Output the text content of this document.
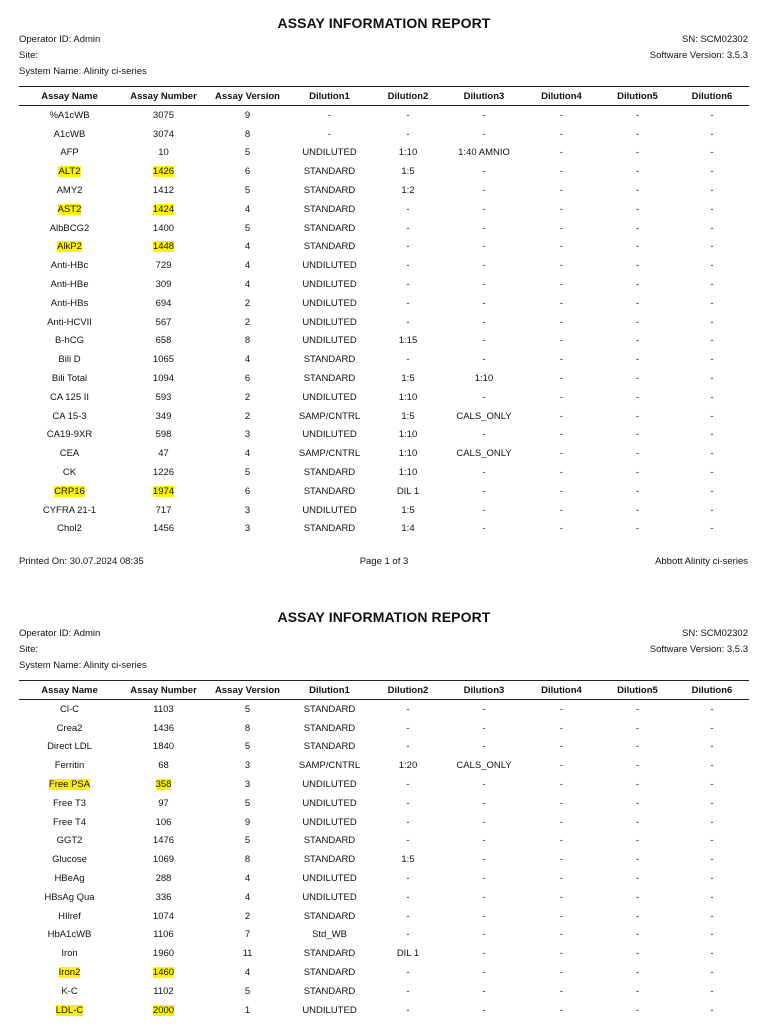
ASSAY INFORMATION REPORT
Operator ID: Admin
Site:
System Name: Alinity ci-series
SN: SCM02302
Software Version: 3.5.3
Assay Name	Assay Number	Assay Version	Dilution1	Dilution2	Dilution3	Dilution4	Dilution5	Dilution6
%A1cWB	3075	9	-	-	-	-	-	-
A1cWB	3074	8	-	-	-	-	-	-
AFP	10	5	UNDILUTED	1:10	1:40 AMNIO	-	-	-
ALT2	1426	6	STANDARD	1:5	-	-	-	-
AMY2	1412	5	STANDARD	1:2	-	-	-	-
AST2	1424	4	STANDARD	-	-	-	-	-
AlbBCG2	1400	5	STANDARD	-	-	-	-	-
AlkP2	1448	4	STANDARD	-	-	-	-	-
Anti-HBc	729	4	UNDILUTED	-	-	-	-	-
Anti-HBe	309	4	UNDILUTED	-	-	-	-	-
Anti-HBs	694	2	UNDILUTED	-	-	-	-	-
Anti-HCVII	567	2	UNDILUTED	-	-	-	-	-
B-hCG	658	8	UNDILUTED	1:15	-	-	-	-
Bili D	1065	4	STANDARD	-	-	-	-	-
Bili Total	1094	6	STANDARD	1:5	1:10	-	-	-
CA 125 II	593	2	UNDILUTED	1:10	-	-	-	-
CA 15-3	349	2	SAMP/CNTRL	1:5	CALS_ONLY	-	-	-
CA19-9XR	598	3	UNDILUTED	1:10	-	-	-	-
CEA	47	4	SAMP/CNTRL	1:10	CALS_ONLY	-	-	-
CK	1226	5	STANDARD	1:10	-	-	-	-
CRP16	1974	6	STANDARD	DIL 1	-	-	-	-
CYFRA 21-1	717	3	UNDILUTED	1:5	-	-	-	-
Chol2	1456	3	STANDARD	1:4	-	-	-	-
Printed On: 30.07.2024 08:35	Page 1 of 3	Abbott Alinity ci-series
ASSAY INFORMATION REPORT
Operator ID: Admin
Site:
System Name: Alinity ci-series
SN: SCM02302
Software Version: 3.5.3
Assay Name	Assay Number	Assay Version	Dilution1	Dilution2	Dilution3	Dilution4	Dilution5	Dilution6
Cl-C	1103	5	STANDARD	-	-	-	-	-
Crea2	1436	8	STANDARD	-	-	-	-	-
Direct LDL	1840	5	STANDARD	-	-	-	-	-
Ferritin	68	3	SAMP/CNTRL	1:20	CALS_ONLY	-	-	-
Free PSA	358	3	UNDILUTED	-	-	-	-	-
Free T3	97	5	UNDILUTED	-	-	-	-	-
Free T4	106	9	UNDILUTED	-	-	-	-	-
GGT2	1476	5	STANDARD	-	-	-	-	-
Glucose	1069	8	STANDARD	1:5	-	-	-	-
HBeAg	288	4	UNDILUTED	-	-	-	-	-
HBsAg Qua	336	4	UNDILUTED	-	-	-	-	-
HIlref	1074	2	STANDARD	-	-	-	-	-
HbA1cWB	1106	7	Std_WB	-	-	-	-	-
Iron	1960	11	STANDARD	DIL 1	-	-	-	-
Iron2	1460	4	STANDARD	-	-	-	-	-
K-C	1102	5	STANDARD	-	-	-	-	-
LDL-C	2000	1	UNDILUTED	-	-	-	-	-
